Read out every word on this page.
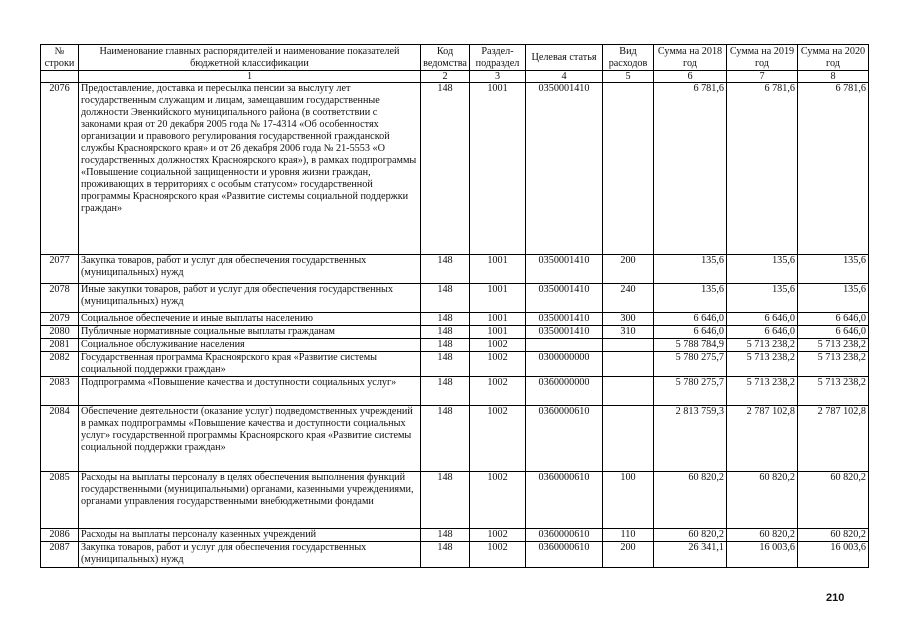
№ строки	Наименование главных распорядителей и наименование показателей бюджетной классификации	Код ведомства	Раздел-подраздел	Целевая статья	Вид расходов	Сумма на 2018 год	Сумма на 2019 год	Сумма на 2020 год
	1	2	3	4	5	6	7	8
2076	Предоставление, доставка и пересылка пенсии за выслугу лет государственным служащим и лицам, замещавшим государственные должности Эвенкийского муниципального района (в соответствии с законами края от 20 декабря 2005 года № 17-4314 «Об особенностях организации и правового регулирования государственной гражданской службы Красноярского края» и от 26 декабря 2006 года № 21-5553 «О государственных должностях Красноярского края»), в рамках подпрограммы «Повышение социальной защищенности и уровня жизни граждан, проживающих в территориях с особым статусом» государственной программы Красноярского края «Развитие системы социальной поддержки граждан»	148	1001	0350001410		6 781,6	6 781,6	6 781,6
2077	Закупка товаров, работ и услуг для обеспечения государственных (муниципальных) нужд	148	1001	0350001410	200	135,6	135,6	135,6
2078	Иные закупки товаров, работ и услуг для обеспечения государственных (муниципальных) нужд	148	1001	0350001410	240	135,6	135,6	135,6
2079	Социальное обеспечение и иные выплаты населению	148	1001	0350001410	300	6 646,0	6 646,0	6 646,0
2080	Публичные нормативные социальные выплаты гражданам	148	1001	0350001410	310	6 646,0	6 646,0	6 646,0
2081	Социальное обслуживание населения	148	1002			5 788 784,9	5 713 238,2	5 713 238,2
2082	Государственная программа Красноярского края «Развитие системы социальной поддержки граждан»	148	1002	0300000000		5 780 275,7	5 713 238,2	5 713 238,2
2083	Подпрограмма «Повышение качества и доступности социальных услуг»	148	1002	0360000000		5 780 275,7	5 713 238,2	5 713 238,2
2084	Обеспечение деятельности (оказание услуг) подведомственных учреждений в рамках подпрограммы «Повышение качества и доступности социальных услуг» государственной программы Красноярского края «Развитие системы социальной поддержки граждан»	148	1002	0360000610		2 813 759,3	2 787 102,8	2 787 102,8
2085	Расходы на выплаты персоналу в целях обеспечения выполнения функций государственными (муниципальными) органами, казенными учреждениями, органами управления государственными внебюджетными фондами	148	1002	0360000610	100	60 820,2	60 820,2	60 820,2
2086	Расходы на выплаты персоналу казенных учреждений	148	1002	0360000610	110	60 820,2	60 820,2	60 820,2
2087	Закупка товаров, работ и услуг для обеспечения государственных (муниципальных) нужд	148	1002	0360000610	200	26 341,1	16 003,6	16 003,6
210
